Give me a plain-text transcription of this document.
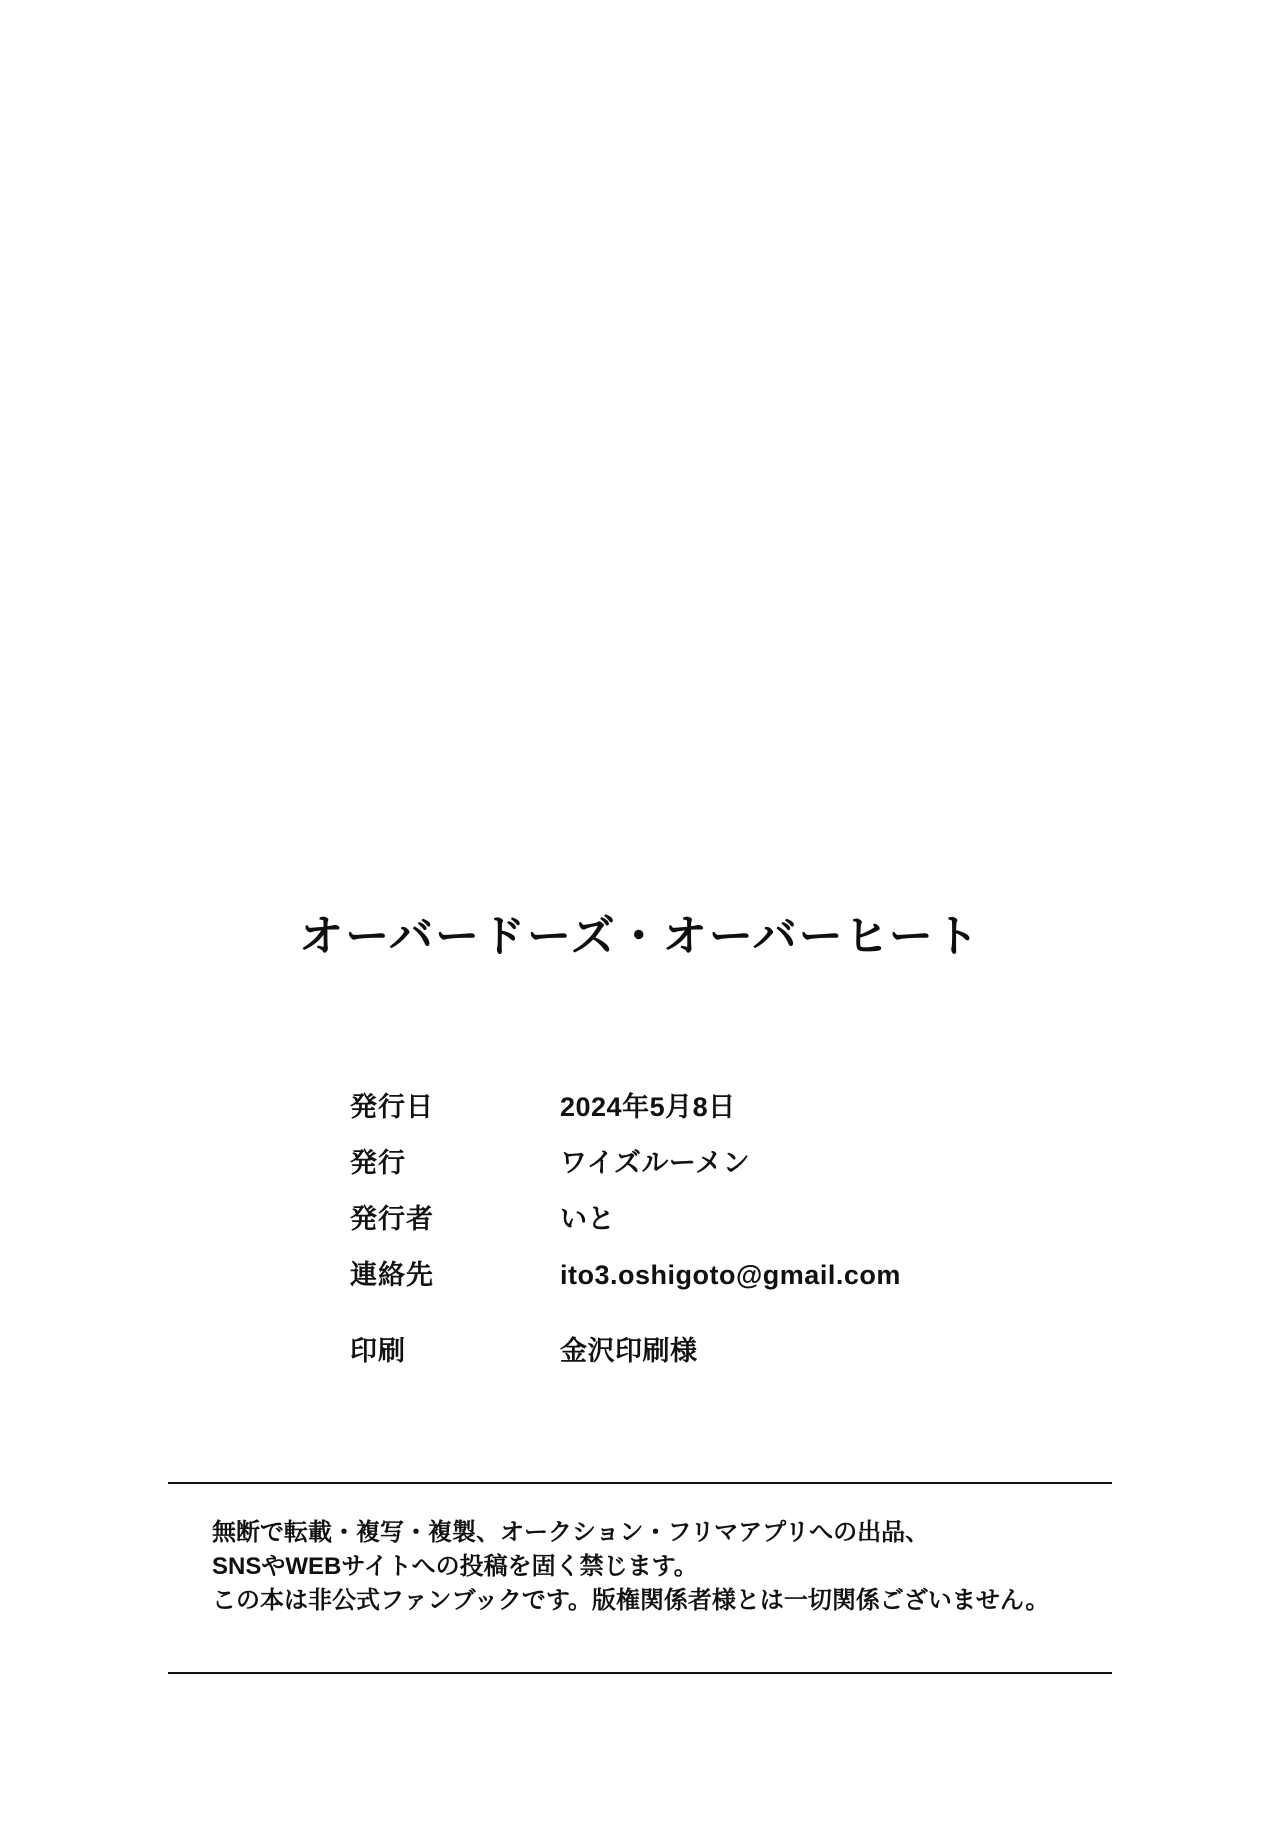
オーバードーズ・オーバーヒート
発行日	2024年5月8日
発行	ワイズルーメン
発行者	いと
連絡先	ito3.oshigoto@gmail.com
印刷	金沢印刷様
無断で転載・複写・複製、オークション・フリマアプリへの出品、
SNSやWEBサイトへの投稿を固く禁じます。
この本は非公式ファンブックです。版権関係者様とは一切関係ございません。
